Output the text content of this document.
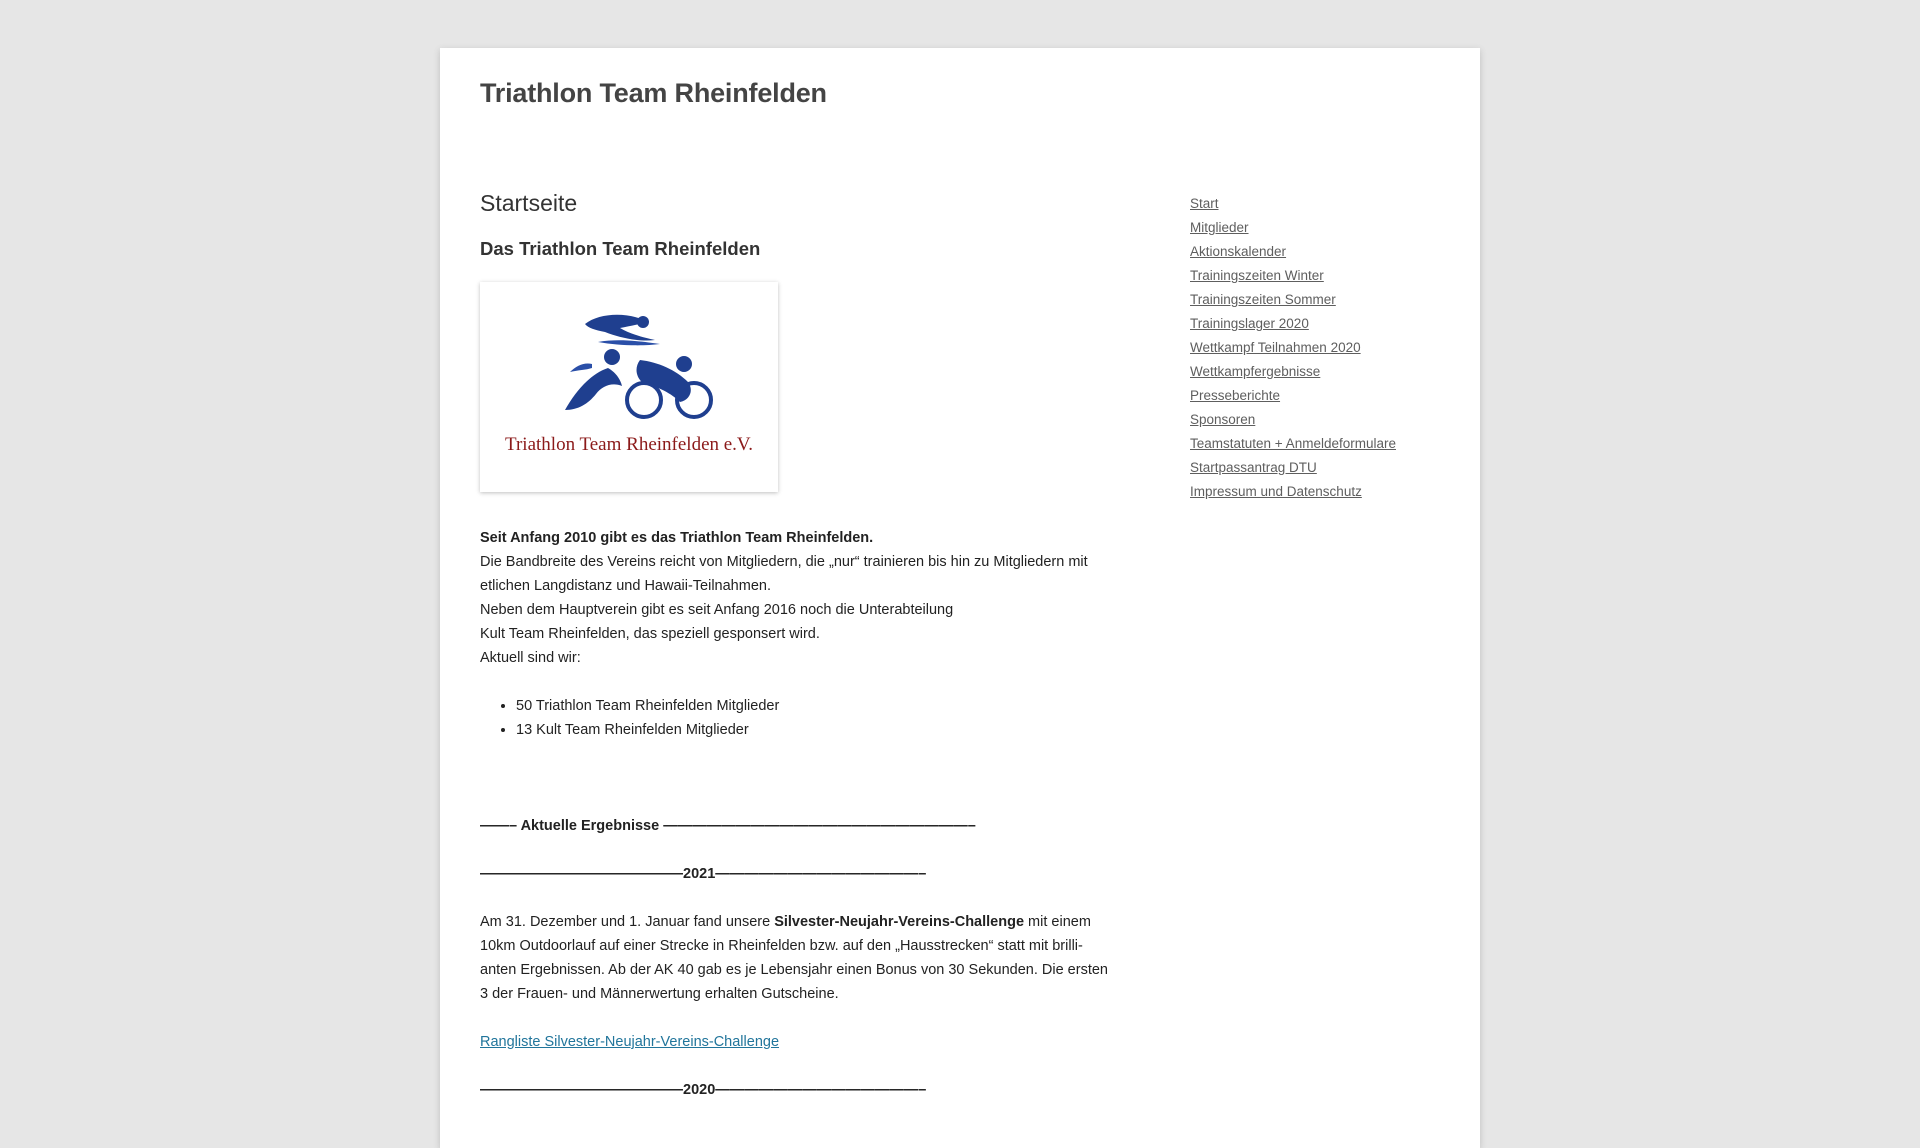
Triathlon Team Rheinfelden
Startseite
Das Triathlon Team Rheinfelden
Triathlon Team Rheinfelden e.V.

Seit Anfang 2010 gibt es das Triathlon Team Rheinfelden.

Die Bandbreite des Vereins reicht von Mitgliedern, die „nur“ trainieren bis hin zu Mitgliedern mit etlichen Langdistanz und Hawaii-Teilnahmen.

Neben dem Hauptverein gibt es seit Anfang 2016 noch die Unterabteilung

Kult Team Rheinfelden, das speziell gesponsert wird.

Aktuell sind wir:

• 50 Triathlon Team Rheinfelden Mitglieder
• 13 Kult Team Rheinfelden Mitglieder

——– Aktuelle Ergebnisse —————————————————————–

——————————————2021——————————————–

Am 31. Dezember und 1. Januar fand unsere Silvester-Neujahr-Vereins-Challenge mit einem 10km Outdoorlauf auf einer Strecke in Rheinfelden bzw. auf den „Hausstrecken“ statt mit brillianten Ergebnissen. Ab der AK 40 gab es je Lebensjahr einen Bonus von 30 Sekunden. Die ersten 3 der Frauen- und Männerwertung erhalten Gutscheine.

Rangliste Silvester-Neujahr-Vereins-Challenge

——————————————2020——————————————–

Start
Mitglieder
Aktionskalender
Trainingszeiten Winter
Trainingszeiten Sommer
Trainingslager 2020
Wettkampf Teilnahmen 2020
Wettkampfergebnisse
Presseberichte
Sponsoren
Teamstatuten + Anmeldeformulare
Startpassantrag DTU
Impressum und Datenschutz
